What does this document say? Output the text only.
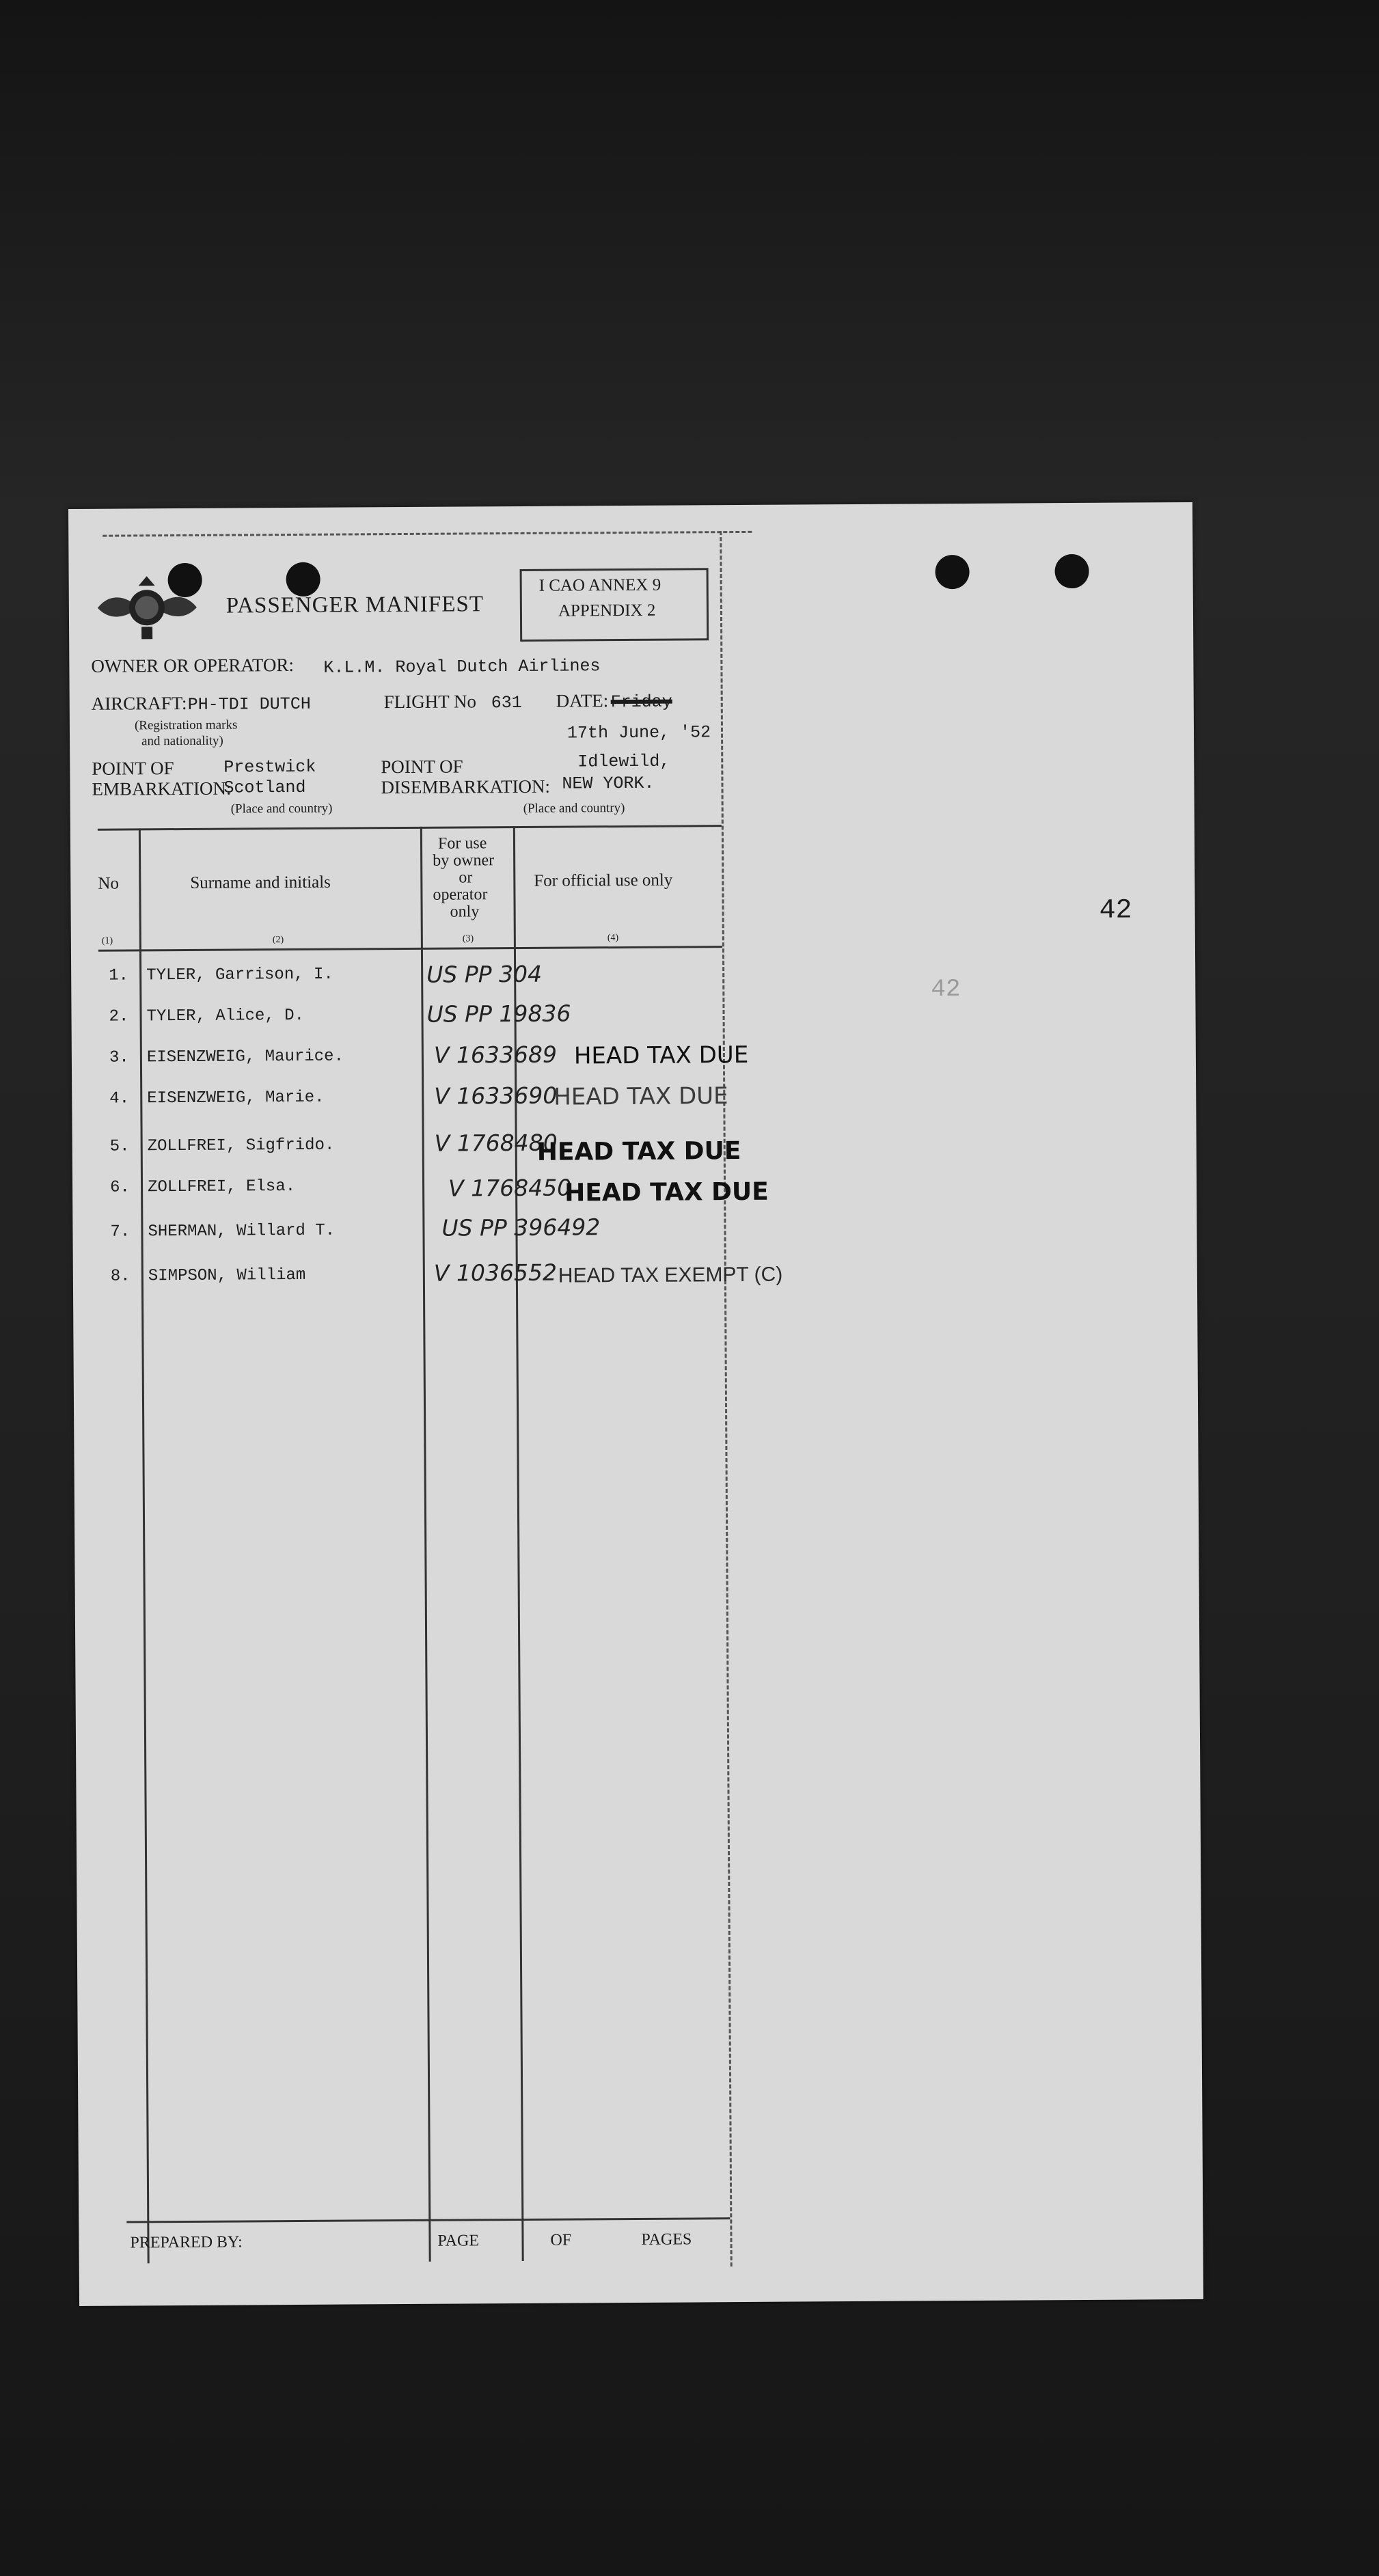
PASSENGER MANIFEST
I CAO ANNEX 9
APPENDIX 2
OWNER OR OPERATOR: K.L.M. Royal Dutch Airlines
AIRCRAFT: PH-TDI DUTCH
(Registration marks
and nationality)
FLIGHT No 631 DATE: Friday
17th June, '52
POINT OF
EMBARKATION:
Prestwick
Scotland
(Place and country)
POINT OF
DISEMBARKATION:
Idlewild,
NEW YORK.
(Place and country)
No	Surname and initials
For use
by owner
or
operator
only
For official use only
(1)	(2)	(3)	(4)
1. TYLER, Garrison, I.	US PP 304
2. TYLER, Alice, D.	US PP 19836
3. EISENZWEIG, Maurice.	V 1633689 HEAD TAX DUE
4. EISENZWEIG, Marie.	V 1633690
HEAD TAX DUE
5. ZOLLFREI, Sigfrido.	V 1768480
HEAD TAX DUE
6. ZOLLFREI, Elsa.	V 1768450
HEAD TAX DUE
7. SHERMAN, Willard T.	US PP 396492
8. SIMPSON, William	V 1036552 HEAD TAX EXEMPT (C)
42
42
PREPARED BY:	PAGE	OF	PAGES
